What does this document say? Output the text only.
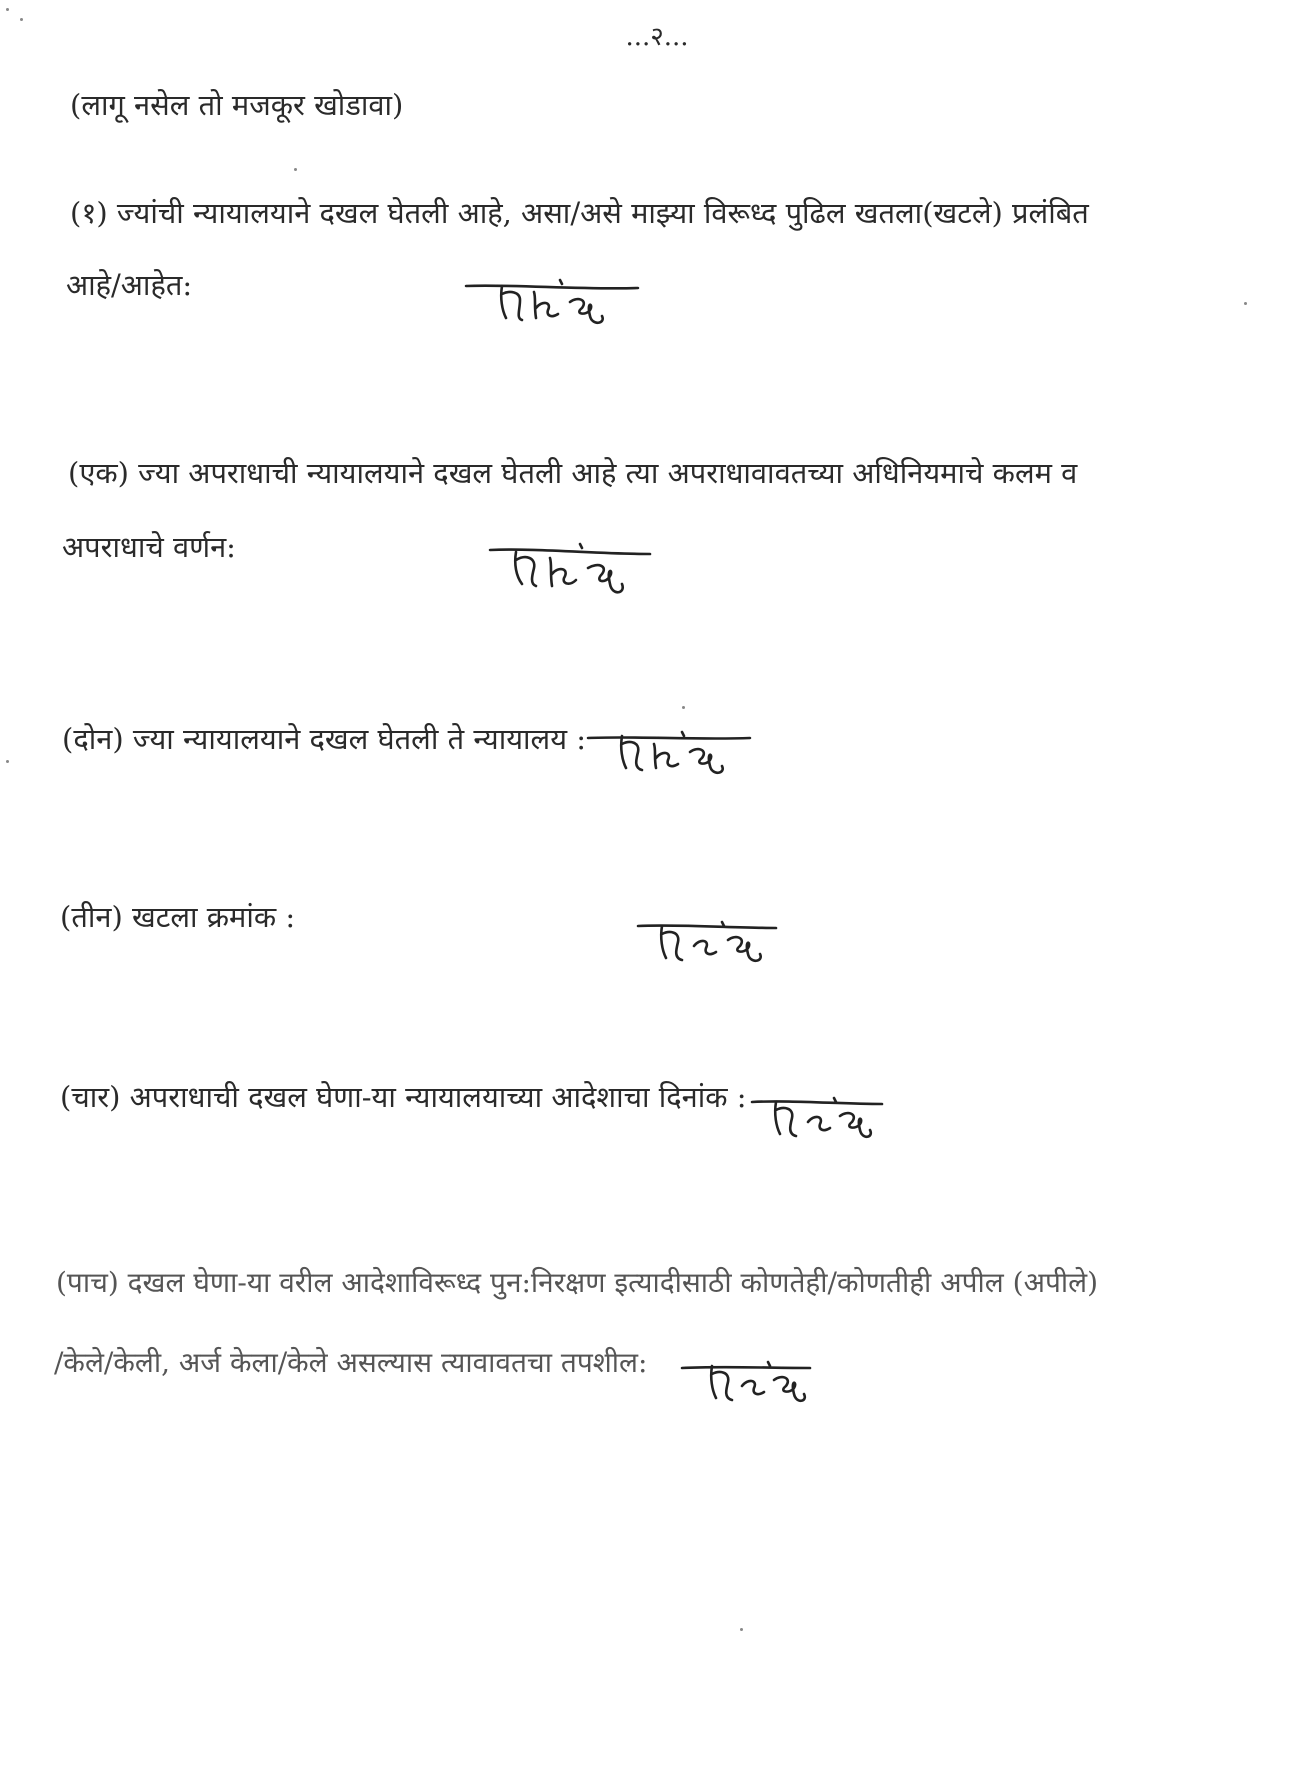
...२...
(लागू नसेल तो मजकूर खोडावा)
(१) ज्यांची न्यायालयाने दखल घेतली आहे, असा/असे माझ्या विरूध्द पुढिल खतला(खटले) प्रलंबित
आहे/आहेत:
(एक) ज्या अपराधाची न्यायालयाने दखल घेतली आहे त्या अपराधावावतच्या अधिनियमाचे कलम व
अपराधाचे वर्णन:
(दोन) ज्या न्यायालयाने दखल घेतली ते न्यायालय :
(तीन) खटला क्रमांक :
(चार) अपराधाची दखल घेणा-या न्यायालयाच्या आदेशाचा दिनांक :
(पाच) दखल घेणा-या वरील आदेशाविरूध्द पुन:निरक्षण इत्यादीसाठी कोणतेही/कोणतीही अपील (अपीले)
/केले/केली, अर्ज केला/केले असल्यास त्यावावतचा तपशील:
